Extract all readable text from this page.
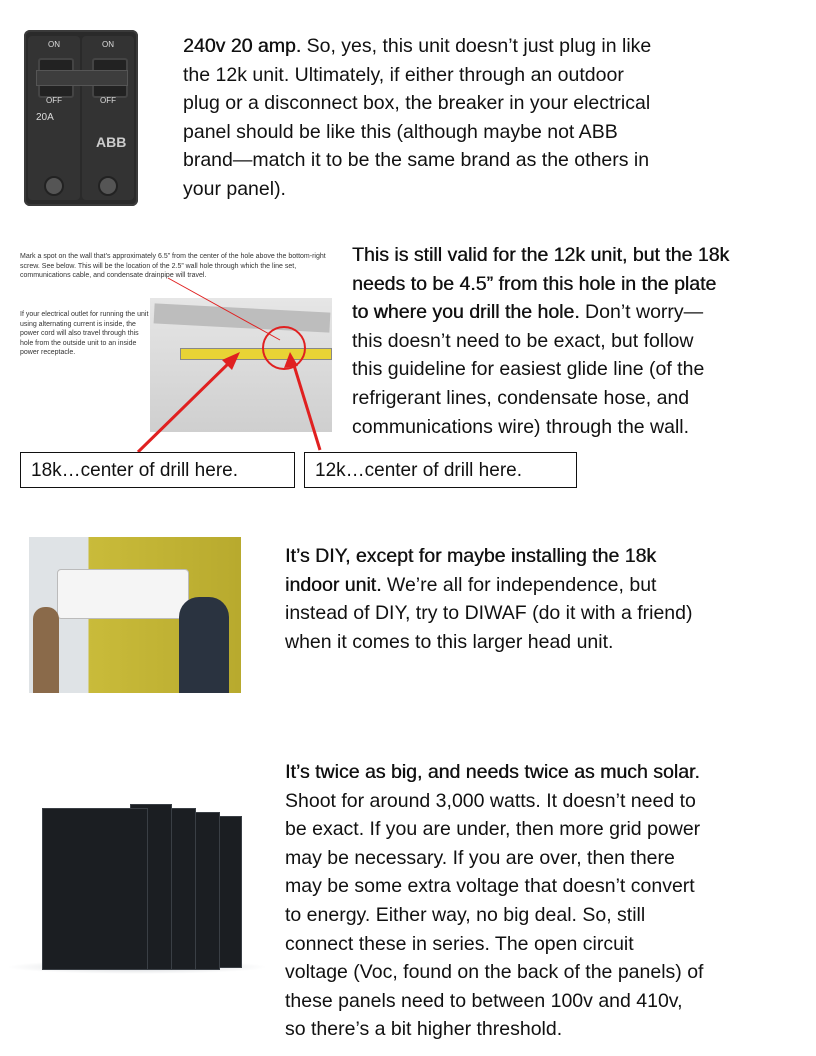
ON
OFF
20A
ON
OFF
ABB
240v 20 amp. So, yes, this unit doesn’t just plug in like
the 12k unit. Ultimately, if either through an outdoor
plug or a disconnect box, the breaker in your electrical
panel should be like this (although maybe not ABB
brand—match it to be the same brand as the others in
your panel).
Mark a spot on the wall that’s approximately 6.5” from the center of the hole above the bottom-right screw. See below. This will be the location of the 2.5” wall hole through which the line set, communications cable, and condensate drainpipe will travel.
If your electrical outlet for running the unit using alternating current is inside, the power cord will also travel through this hole from the outside unit to an inside power receptacle.
This is still valid for the 12k unit, but the 18k
needs to be 4.5” from this hole in the plate
to where you drill the hole. Don’t worry—
this doesn’t need to be exact, but follow
this guideline for easiest glide line (of the
refrigerant lines, condensate hose, and
communications wire) through the wall.
18k…center of drill here.	12k…center of drill here.
It’s DIY, except for maybe installing the 18k
indoor unit. We’re all for independence, but
instead of DIY, try to DIWAF (do it with a friend)
when it comes to this larger head unit.
It’s twice as big, and needs twice as much solar.
Shoot for around 3,000 watts. It doesn’t need to
be exact. If you are under, then more grid power
may be necessary. If you are over, then there
may be some extra voltage that doesn’t convert
to energy. Either way, no big deal. So, still
connect these in series. The open circuit
voltage (Voc, found on the back of the panels) of
these panels need to between 100v and 410v,
so there’s a bit higher threshold.
